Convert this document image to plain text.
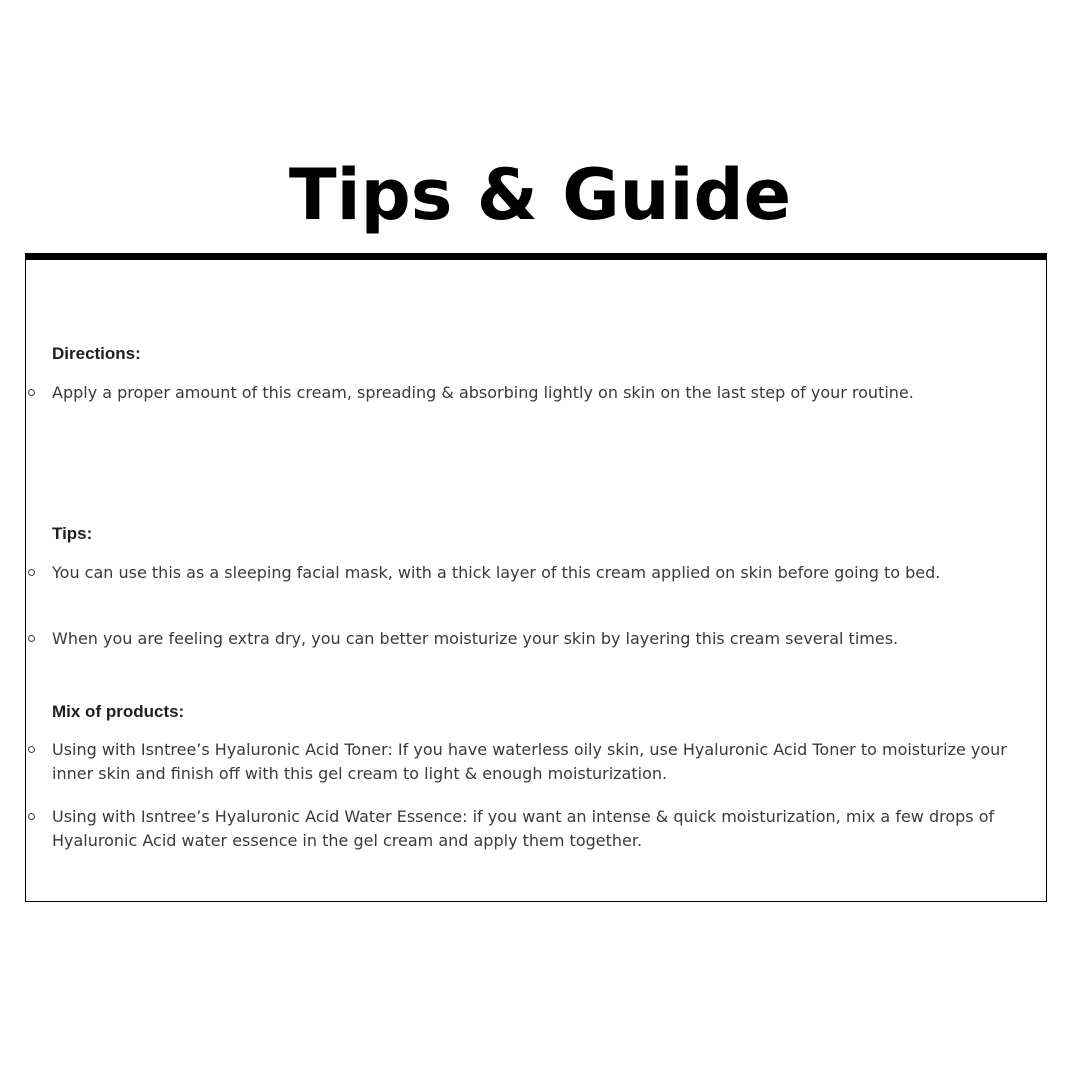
Tips & Guide
Directions:

Apply a proper amount of this cream, spreading & absorbing lightly on skin on the last step of your routine.

Tips:

You can use this as a sleeping facial mask, with a thick layer of this cream applied on skin before going to bed.

When you are feeling extra dry, you can better moisturize your skin by layering this cream several times.

Mix of products:

Using with Isntree’s Hyaluronic Acid Toner: If you have waterless oily skin, use Hyaluronic Acid Toner to moisturize your inner skin and finish off with this gel cream to light & enough moisturization.

Using with Isntree’s Hyaluronic Acid Water Essence: if you want an intense & quick moisturization, mix a few drops of Hyaluronic Acid water essence in the gel cream and apply them together.
